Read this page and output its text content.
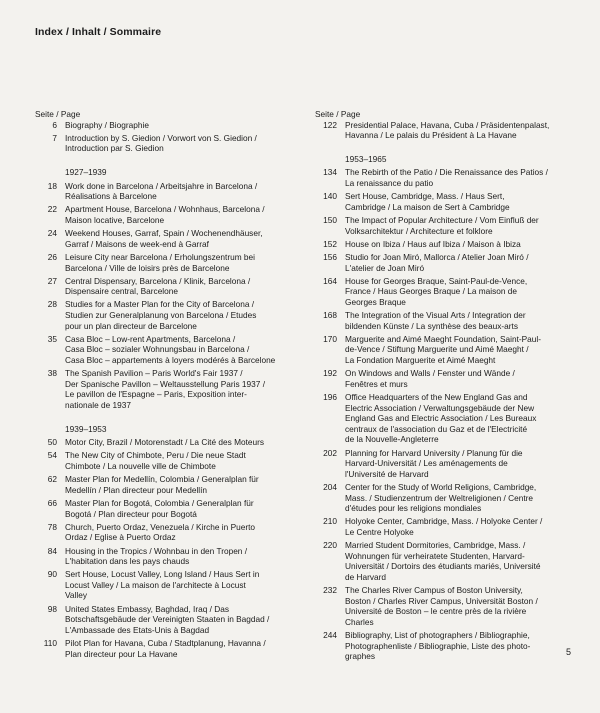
Index / Inhalt / Sommaire
Seite / Page
6 Biography / Biographie
7 Introduction by S. Giedion / Vorwort von S. Giedion /
Introduction par S. Giedion
1927–1939
18 Work done in Barcelona / Arbeitsjahre in Barcelona /
Réalisations à Barcelone
22 Apartment House, Barcelona / Wohnhaus, Barcelona /
Maison locative, Barcelone
24 Weekend Houses, Garraf, Spain / Wochenendhäuser,
Garraf / Maisons de week-end à Garraf
26 Leisure City near Barcelona / Erholungszentrum bei
Barcelona / Ville de loisirs près de Barcelone
27 Central Dispensary, Barcelona / Klinik, Barcelona /
Dispensaire central, Barcelone
28 Studies for a Master Plan for the City of Barcelona /
Studien zur Generalplanung von Barcelona / Etudes
pour un plan directeur de Barcelone
35 Casa Bloc – Low-rent Apartments, Barcelona /
Casa Bloc – sozialer Wohnungsbau in Barcelona /
Casa Bloc – appartements à loyers modérés à Barcelone
38 The Spanish Pavilion – Paris World's Fair 1937 /
Der Spanische Pavillon – Weltausstellung Paris 1937 /
Le pavillon de l'Espagne – Paris, Exposition inter-
nationale de 1937
1939–1953
50 Motor City, Brazil / Motorenstadt / La Cité des Moteurs
54 The New City of Chimbote, Peru / Die neue Stadt
Chimbote / La nouvelle ville de Chimbote
62 Master Plan for Medellín, Colombia / Generalplan für
Medellín / Plan directeur pour Medellín
66 Master Plan for Bogotá, Colombia / Generalplan für
Bogotá / Plan directeur pour Bogotá
78 Church, Puerto Ordaz, Venezuela / Kirche in Puerto
Ordaz / Eglise à Puerto Ordaz
84 Housing in the Tropics / Wohnbau in den Tropen /
L'habitation dans les pays chauds
90 Sert House, Locust Valley, Long Island / Haus Sert in
Locust Valley / La maison de l'architecte à Locust
Valley
98 United States Embassy, Baghdad, Iraq / Das
Botschaftsgebäude der Vereinigten Staaten in Bagdad /
L'Ambassade des Etats-Unis à Bagdad
110 Pilot Plan for Havana, Cuba / Stadtplanung, Havanna /
Plan directeur pour La Havane
Seite / Page
122 Presidential Palace, Havana, Cuba / Präsidentenpalast,
Havanna / Le palais du Président à La Havane
1953–1965
134 The Rebirth of the Patio / Die Renaissance des Patios /
La renaissance du patio
140 Sert House, Cambridge, Mass. / Haus Sert,
Cambridge / La maison de Sert à Cambridge
150 The Impact of Popular Architecture / Vom Einfluß der
Volksarchitektur / Architecture et folklore
152 House on Ibiza / Haus auf Ibiza / Maison à Ibiza
156 Studio for Joan Miró, Mallorca / Atelier Joan Miró /
L'atelier de Joan Miró
164 House for Georges Braque, Saint-Paul-de-Vence,
France / Haus Georges Braque / La maison de
Georges Braque
168 The Integration of the Visual Arts / Integration der
bildenden Künste / La synthèse des beaux-arts
170 Marguerite and Aimé Maeght Foundation, Saint-Paul-
de-Vence / Stiftung Marguerite und Aimé Maeght /
La Fondation Marguerite et Aimé Maeght
192 On Windows and Walls / Fenster und Wände /
Fenêtres et murs
196 Office Headquarters of the New England Gas and
Electric Association / Verwaltungsgebäude der New
England Gas and Electric Association / Les Bureaux
centraux de l'association du Gaz et de l'Electricité
de la Nouvelle-Angleterre
202 Planning for Harvard University / Planung für die
Harvard-Universität / Les aménagements de
l'Université de Harvard
204 Center for the Study of World Religions, Cambridge,
Mass. / Studienzentrum der Weltreligionen / Centre
d'études pour les religions mondiales
210 Holyoke Center, Cambridge, Mass. / Holyoke Center /
Le Centre Holyoke
220 Married Student Dormitories, Cambridge, Mass. /
Wohnungen für verheiratete Studenten, Harvard-
Universität / Dortoirs des étudiants mariés, Université
de Harvard
232 The Charles River Campus of Boston University,
Boston / Charles River Campus, Universität Boston /
Université de Boston – le centre près de la rivière
Charles
244 Bibliography, List of photographers / Bibliographie,
Photographenliste / Bibliographie, Liste des photo-
graphes	5
